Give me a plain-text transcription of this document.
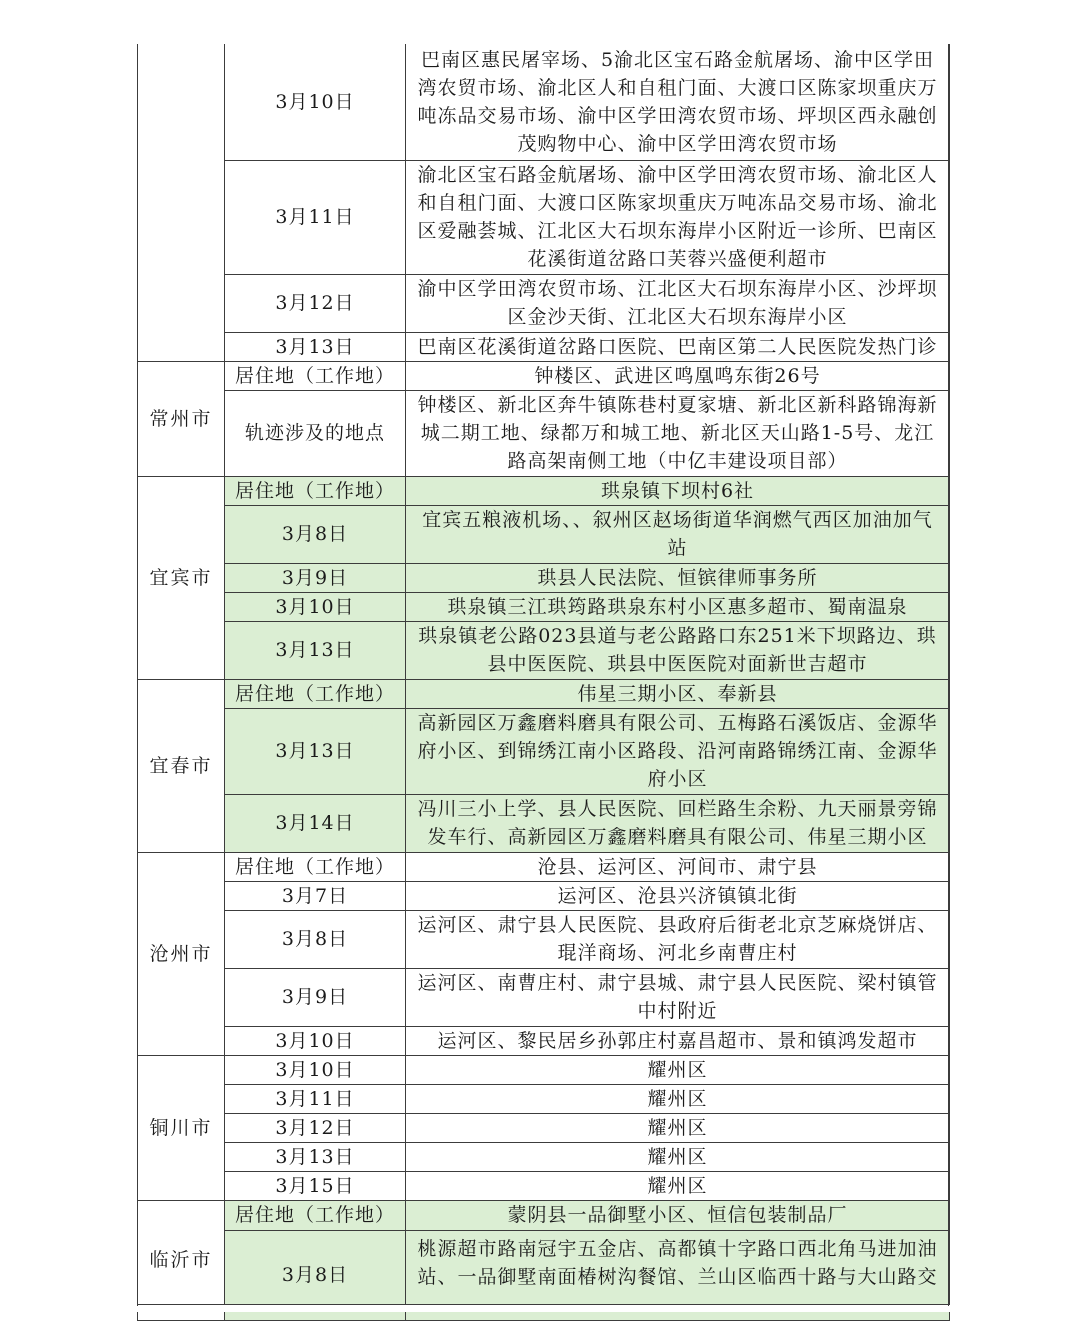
	3月10日	巴南区惠民屠宰场、5渝北区宝石路金航屠场、渝中区学田湾农贸市场、渝北区人和自租门面、大渡口区陈家坝重庆万吨冻品交易市场、渝中区学田湾农贸市场、坪坝区西永融创茂购物中心、渝中区学田湾农贸市场
	3月11日	渝北区宝石路金航屠场、渝中区学田湾农贸市场、渝北区人和自租门面、大渡口区陈家坝重庆万吨冻品交易市场、渝北区爱融荟城、江北区大石坝东海岸小区附近一诊所、巴南区花溪街道岔路口芙蓉兴盛便利超市
	3月12日	渝中区学田湾农贸市场、江北区大石坝东海岸小区、沙坪坝区金沙天街、江北区大石坝东海岸小区
	3月13日	巴南区花溪街道岔路口医院、巴南区第二人民医院发热门诊
常州市	居住地（工作地）	钟楼区、武进区鸣凰鸣东街26号
	轨迹涉及的地点	钟楼区、新北区奔牛镇陈巷村夏家塘、新北区新科路锦海新城二期工地、绿都万和城工地、新北区天山路1-5号、龙江路高架南侧工地（中亿丰建设项目部）
宜宾市	居住地（工作地）	珙泉镇下坝村6社
	3月8日	宜宾五粮液机场、、叙州区赵场街道华润燃气西区加油加气站
	3月9日	珙县人民法院、恒镔律师事务所
	3月10日	珙泉镇三江珙筠路珙泉东村小区惠多超市、蜀南温泉
	3月13日	珙泉镇老公路023县道与老公路路口东251米下坝路边、珙县中医医院、珙县中医医院对面新世吉超市
宜春市	居住地（工作地）	伟星三期小区、奉新县
	3月13日	高新园区万鑫磨料磨具有限公司、五梅路石溪饭店、金源华府小区、到锦绣江南小区路段、沿河南路锦绣江南、金源华府小区
	3月14日	冯川三小上学、县人民医院、回栏路生余粉、九天丽景旁锦发车行、高新园区万鑫磨料磨具有限公司、伟星三期小区
沧州市	居住地（工作地）	沧县、运河区、河间市、肃宁县
	3月7日	运河区、沧县兴济镇镇北街
	3月8日	运河区、肃宁县人民医院、县政府后街老北京芝麻烧饼店、琨洋商场、河北乡南曹庄村
	3月9日	运河区、南曹庄村、肃宁县城、肃宁县人民医院、梁村镇管中村附近
	3月10日	运河区、黎民居乡孙郭庄村嘉昌超市、景和镇鸿发超市
铜川市	3月10日	耀州区
	3月11日	耀州区
	3月12日	耀州区
	3月13日	耀州区
	3月15日	耀州区
临沂市	居住地（工作地）	蒙阴县一品御墅小区、恒信包装制品厂
	3月8日	桃源超市路南冠宇五金店、高都镇十字路口西北角马进加油站、一品御墅南面椿树沟餐馆、兰山区临西十路与大山路交
